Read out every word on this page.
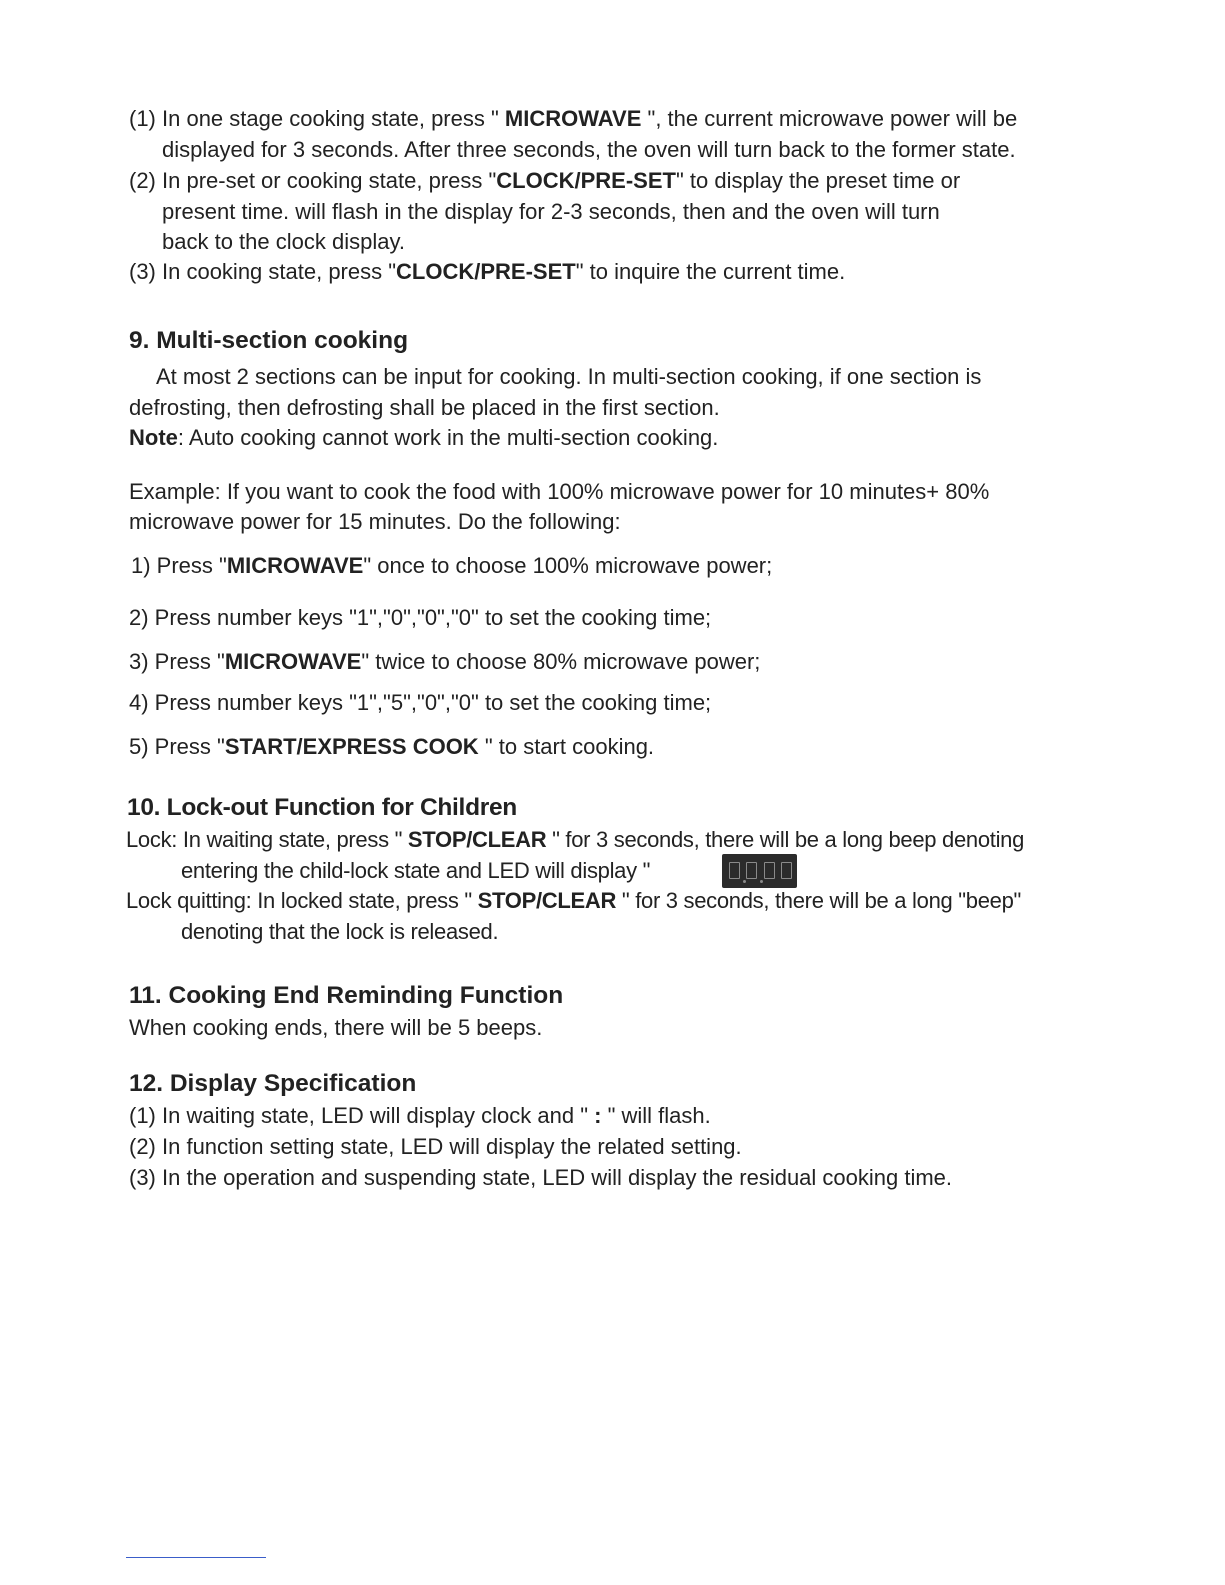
(1) In one stage cooking state, press " MICROWAVE ", the current microwave power will be
displayed for 3 seconds. After three seconds, the oven will turn back to the former state.
(2) In pre-set or cooking state, press "CLOCK/PRE-SET" to display the preset time or
present time. will flash in the display for 2-3 seconds, then and the oven will turn
back to the clock display.
(3) In cooking state, press "CLOCK/PRE-SET" to inquire the current time.
9. Multi-section cooking
At most 2 sections can be input for cooking. In multi-section cooking, if one section is
defrosting, then defrosting shall be placed in the first section.
Note: Auto cooking cannot work in the multi-section cooking.
Example: If you want to cook the food with 100% microwave power for 10 minutes+ 80%
microwave power for 15 minutes. Do the following:
1) Press "MICROWAVE" once to choose 100% microwave power;
2) Press number keys "1","0","0","0" to set the cooking time;
3) Press "MICROWAVE" twice to choose 80% microwave power;
4) Press number keys "1","5","0","0" to set the cooking time;
5) Press "START/EXPRESS COOK " to start cooking.
10. Lock-out Function for Children
Lock: In waiting state, press " STOP/CLEAR " for 3 seconds, there will be a long beep denoting
entering the child-lock state and LED will display "
Lock quitting: In locked state, press " STOP/CLEAR " for 3 seconds, there will be a long "beep"
denoting that the lock is released.
11. Cooking End Reminding Function
When cooking ends, there will be 5 beeps.
12. Display Specification
(1) In waiting state, LED will display clock and " : " will flash.
(2) In function setting state, LED will display the related setting.
(3) In the operation and suspending state, LED will display the residual cooking time.
